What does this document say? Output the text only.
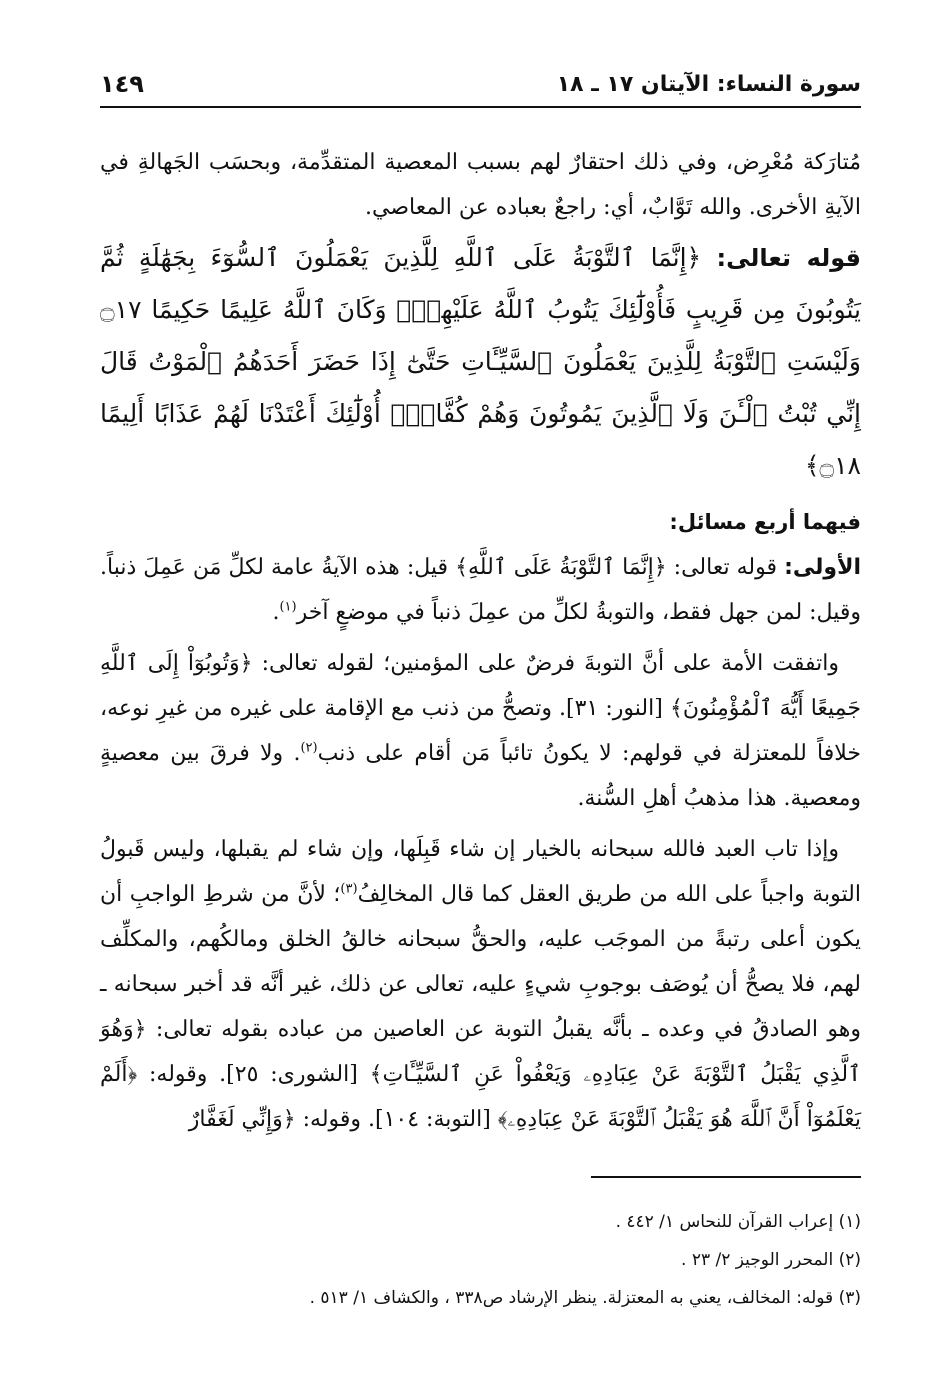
سورة النساء: الآيتان ١٧ ـ ١٨
١٤٩

مُتارَكة مُعْرِض، وفي ذلك احتقارٌ لهم بسبب المعصية المتقدِّمة، وبحسَب الجَهالةِ في الآيةِ الأخرى. والله تَوَّابٌ، أي: راجعٌ بعباده عن المعاصي.

قوله تعالى: ﴿إِنَّمَا ٱلتَّوْبَةُ عَلَى ٱللَّهِ لِلَّذِينَ يَعْمَلُونَ ٱلسُّوٓءَ بِجَهَٰلَةٍ ثُمَّ يَتُوبُونَ مِن قَرِيبٍ فَأُوْلَٰٓئِكَ يَتُوبُ ٱللَّهُ عَلَيْهِمْۗ وَكَانَ ٱللَّهُ عَلِيمًا حَكِيمًا ۝١٧ وَلَيْسَتِ ٱلتَّوْبَةُ لِلَّذِينَ يَعْمَلُونَ ٱلسَّيِّـَٔاتِ حَتَّىٰٓ إِذَا حَضَرَ أَحَدَهُمُ ٱلْمَوْتُ قَالَ إِنِّي تُبْتُ ٱلْـَٔنَ وَلَا ٱلَّذِينَ يَمُوتُونَ وَهُمْ كُفَّارٌۚ أُوْلَٰٓئِكَ أَعْتَدْنَا لَهُمْ عَذَابًا أَلِيمًا ۝١٨﴾

فيهما أربع مسائل:

الأولى: قوله تعالى: ﴿إِنَّمَا ٱلتَّوْبَةُ عَلَى ٱللَّهِ﴾ قيل: هذه الآيةُ عامة لكلِّ مَن عَمِلَ ذنباً. وقيل: لمن جهل فقط، والتوبةُ لكلِّ من عمِلَ ذنباً في موضعٍ آخر$^{(١)}$.

واتفقت الأمة على أنَّ التوبةَ فرضٌ على المؤمنين؛ لقوله تعالى: ﴿وَتُوبُوٓاْ إِلَى ٱللَّهِ جَمِيعًا أَيُّهَ ٱلْمُؤْمِنُونَ﴾ [النور: ٣١]. وتصحُّ من ذنب مع الإقامة على غيره من غيرِ نوعه، خلافاً للمعتزلة في قولهم: لا يكونُ تائباً مَن أقام على ذنب$^{(٢)}$. ولا فرقَ بين معصيةٍ ومعصية. هذا مذهبُ أهلِ السُّنة.

وإذا تاب العبد فالله سبحانه بالخيار إن شاء قَبِلَها، وإن شاء لم يقبلها، وليس قَبولُ التوبة واجباً على الله من طريق العقل كما قال المخالِفُ$^{(٣)}$؛ لأنَّ من شرطِ الواجبِ أن يكون أعلى رتبةً من الموجَب عليه، والحقُّ سبحانه خالقُ الخلق ومالكُهم، والمكلِّف لهم، فلا يصحُّ أن يُوصَف بوجوبِ شيءٍ عليه، تعالى عن ذلك، غير أنَّه قد أخبر سبحانه ـ وهو الصادقُ في وعده ـ بأنَّه يقبلُ التوبة عن العاصين من عباده بقوله تعالى: ﴿وَهُوَ ٱلَّذِي يَقْبَلُ ٱلتَّوْبَةَ عَنْ عِبَادِهِۦ وَيَعْفُواْ عَنِ ٱلسَّيِّـَٔاتِ﴾ [الشورى: ٢٥]. وقوله: ﴿أَلَمْ يَعْلَمُوٓاْ أَنَّ ٱللَّهَ هُوَ يَقْبَلُ ٱلتَّوْبَةَ عَنْ عِبَادِهِۦ﴾ [التوبة: ١٠٤]. وقوله: ﴿وَإِنِّي لَغَفَّارٌ

(١) إعراب القرآن للنحاس ١/ ٤٤٢ .
(٢) المحرر الوجيز ٢/ ٢٣ .
(٣) قوله: المخالف، يعني به المعتزلة. ينظر الإرشاد ص٣٣٨ ، والكشاف ١/ ٥١٣ .
